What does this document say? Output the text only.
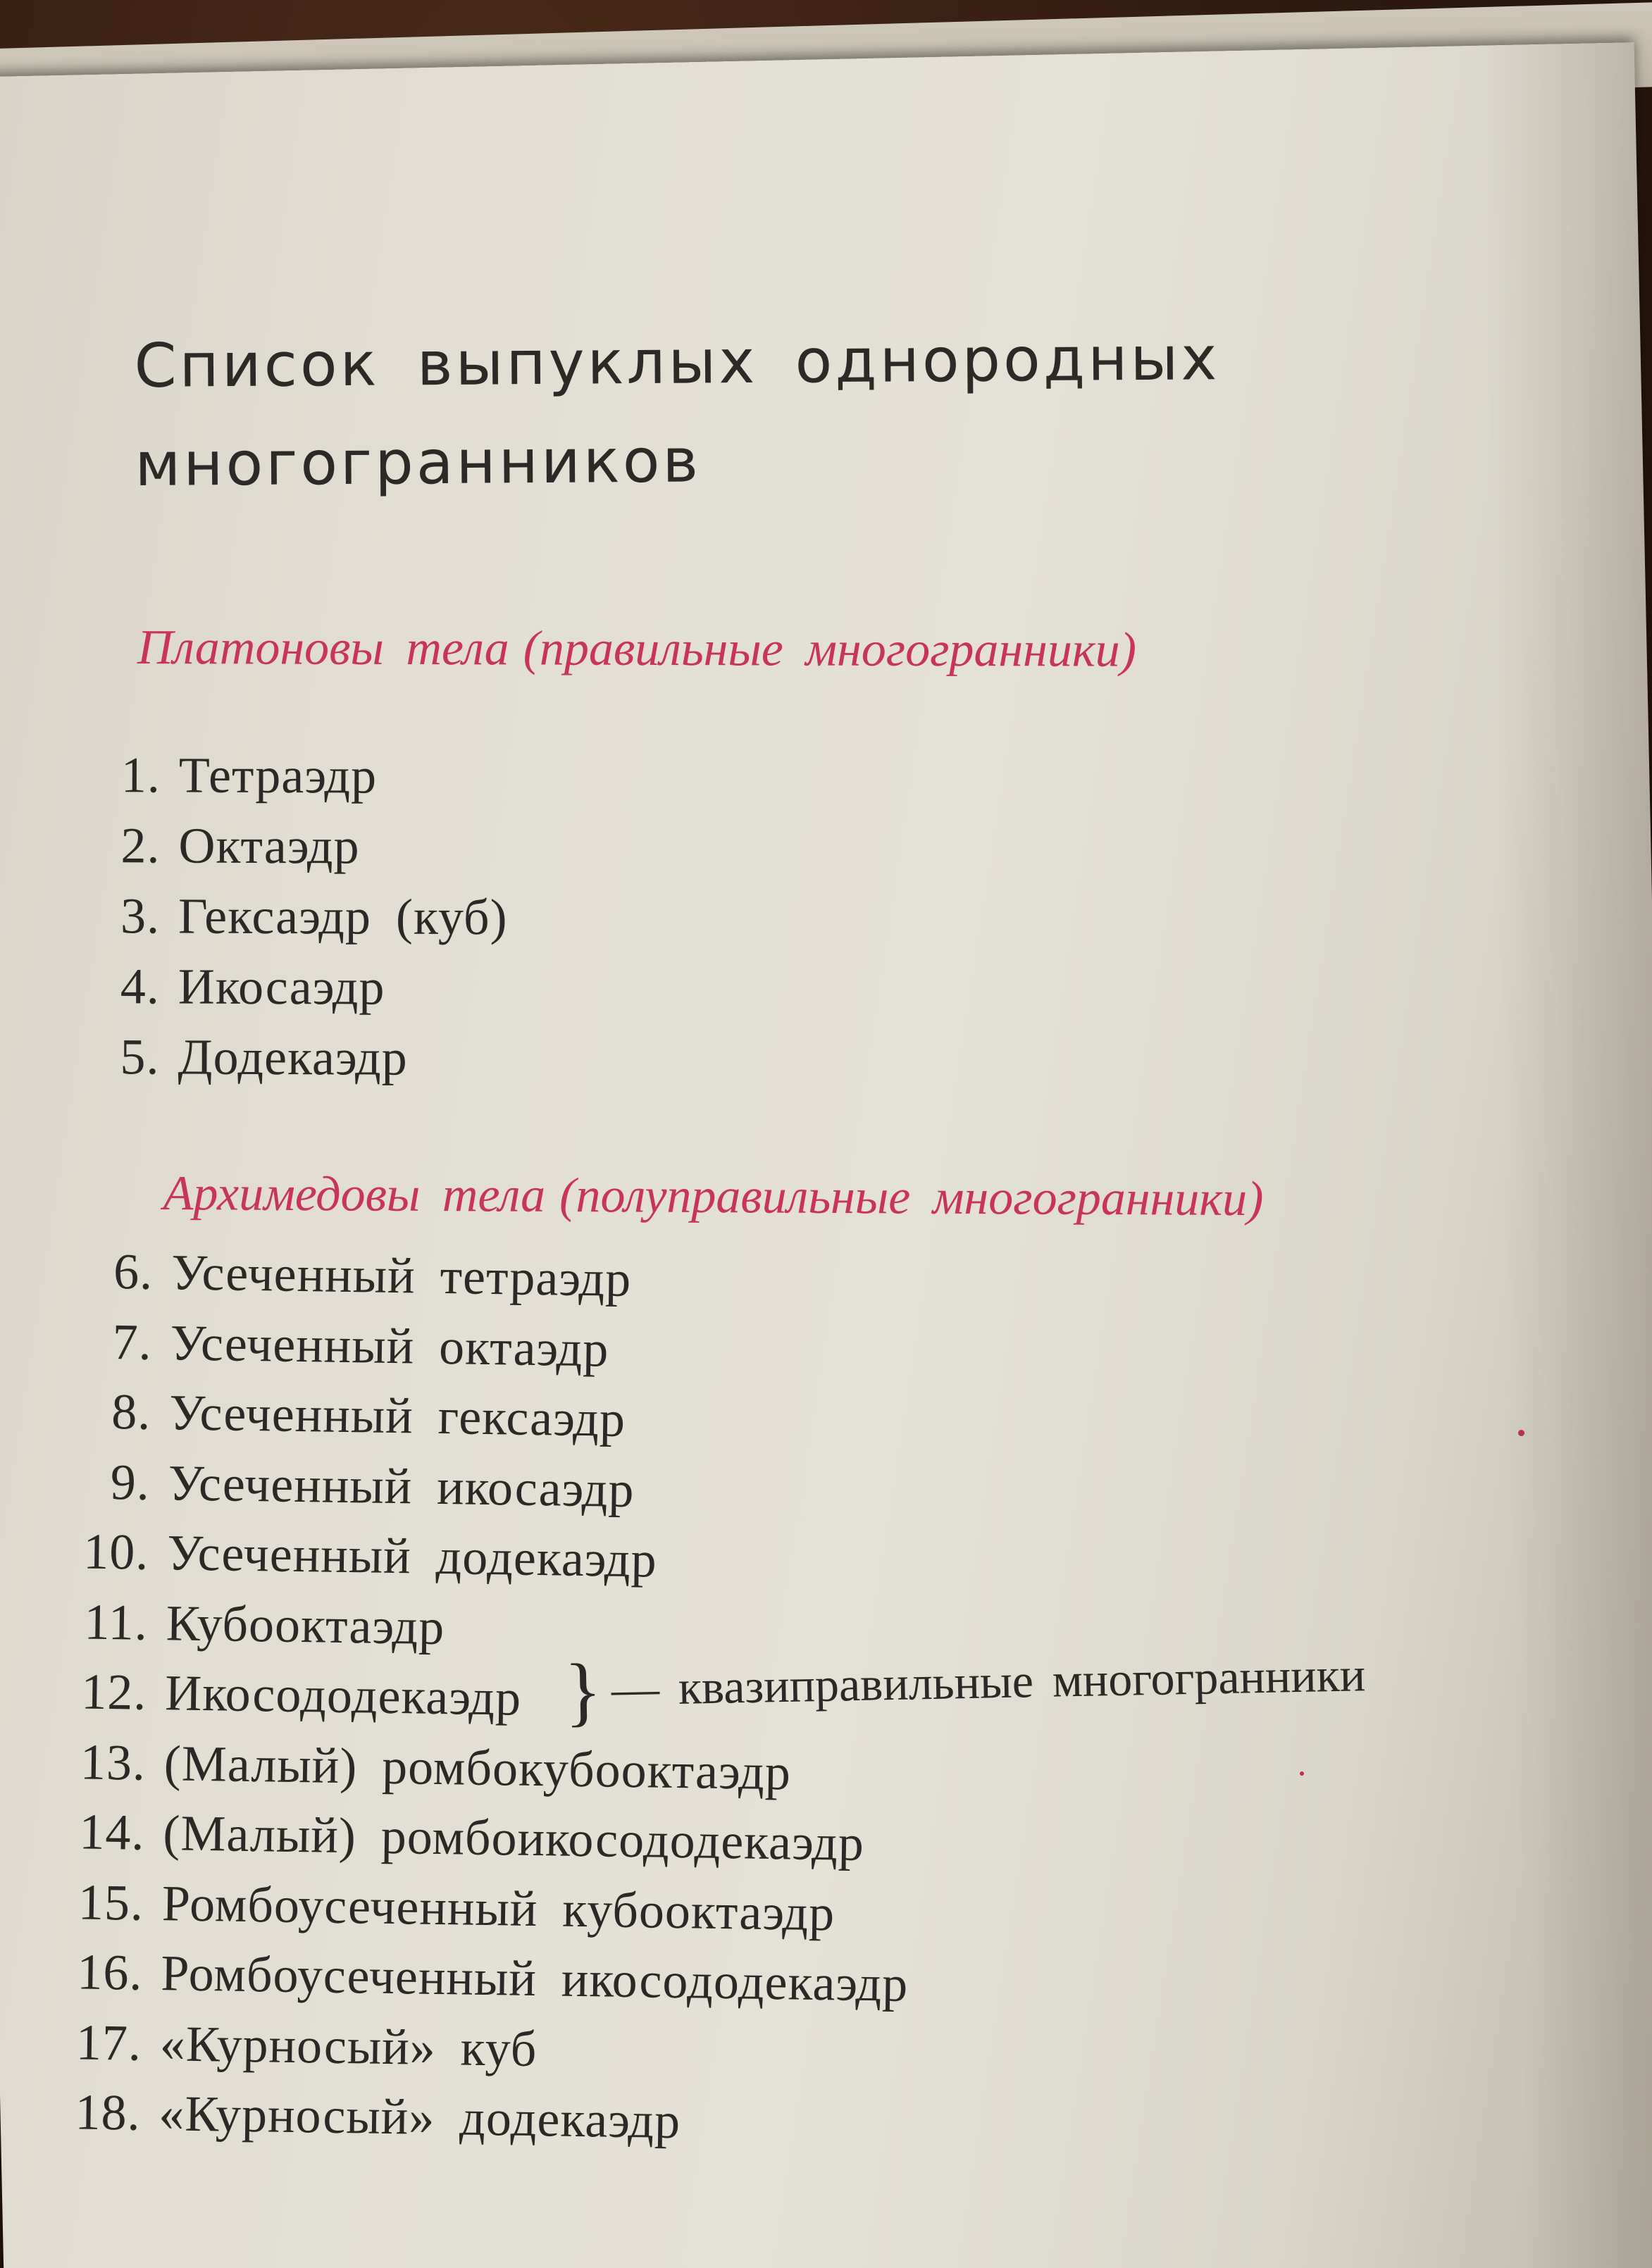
Список выпуклых однородных
многогранников
Платоновы тела (правильные многогранники)
1. Тетраэдр
2. Октаэдр
3. Гексаэдр (куб)
4. Икосаэдр
5. Додекаэдр
Архимедовы тела (полуправильные многогранники)
6. Усеченный тетраэдр
7. Усеченный октаэдр
8. Усеченный гексаэдр
9. Усеченный икосаэдр
10. Усеченный додекаэдр
11. Кубооктаэдр
12. Икосододекаэдр
13. (Малый) ромбокубооктаэдр
14. (Малый) ромбоикосододекаэдр
15. Ромбоусеченный кубооктаэдр
16. Ромбоусеченный икосододекаэдр
17. «Курносый» куб
18. «Курносый» додекаэдр
} — квазиправильные многогранники
